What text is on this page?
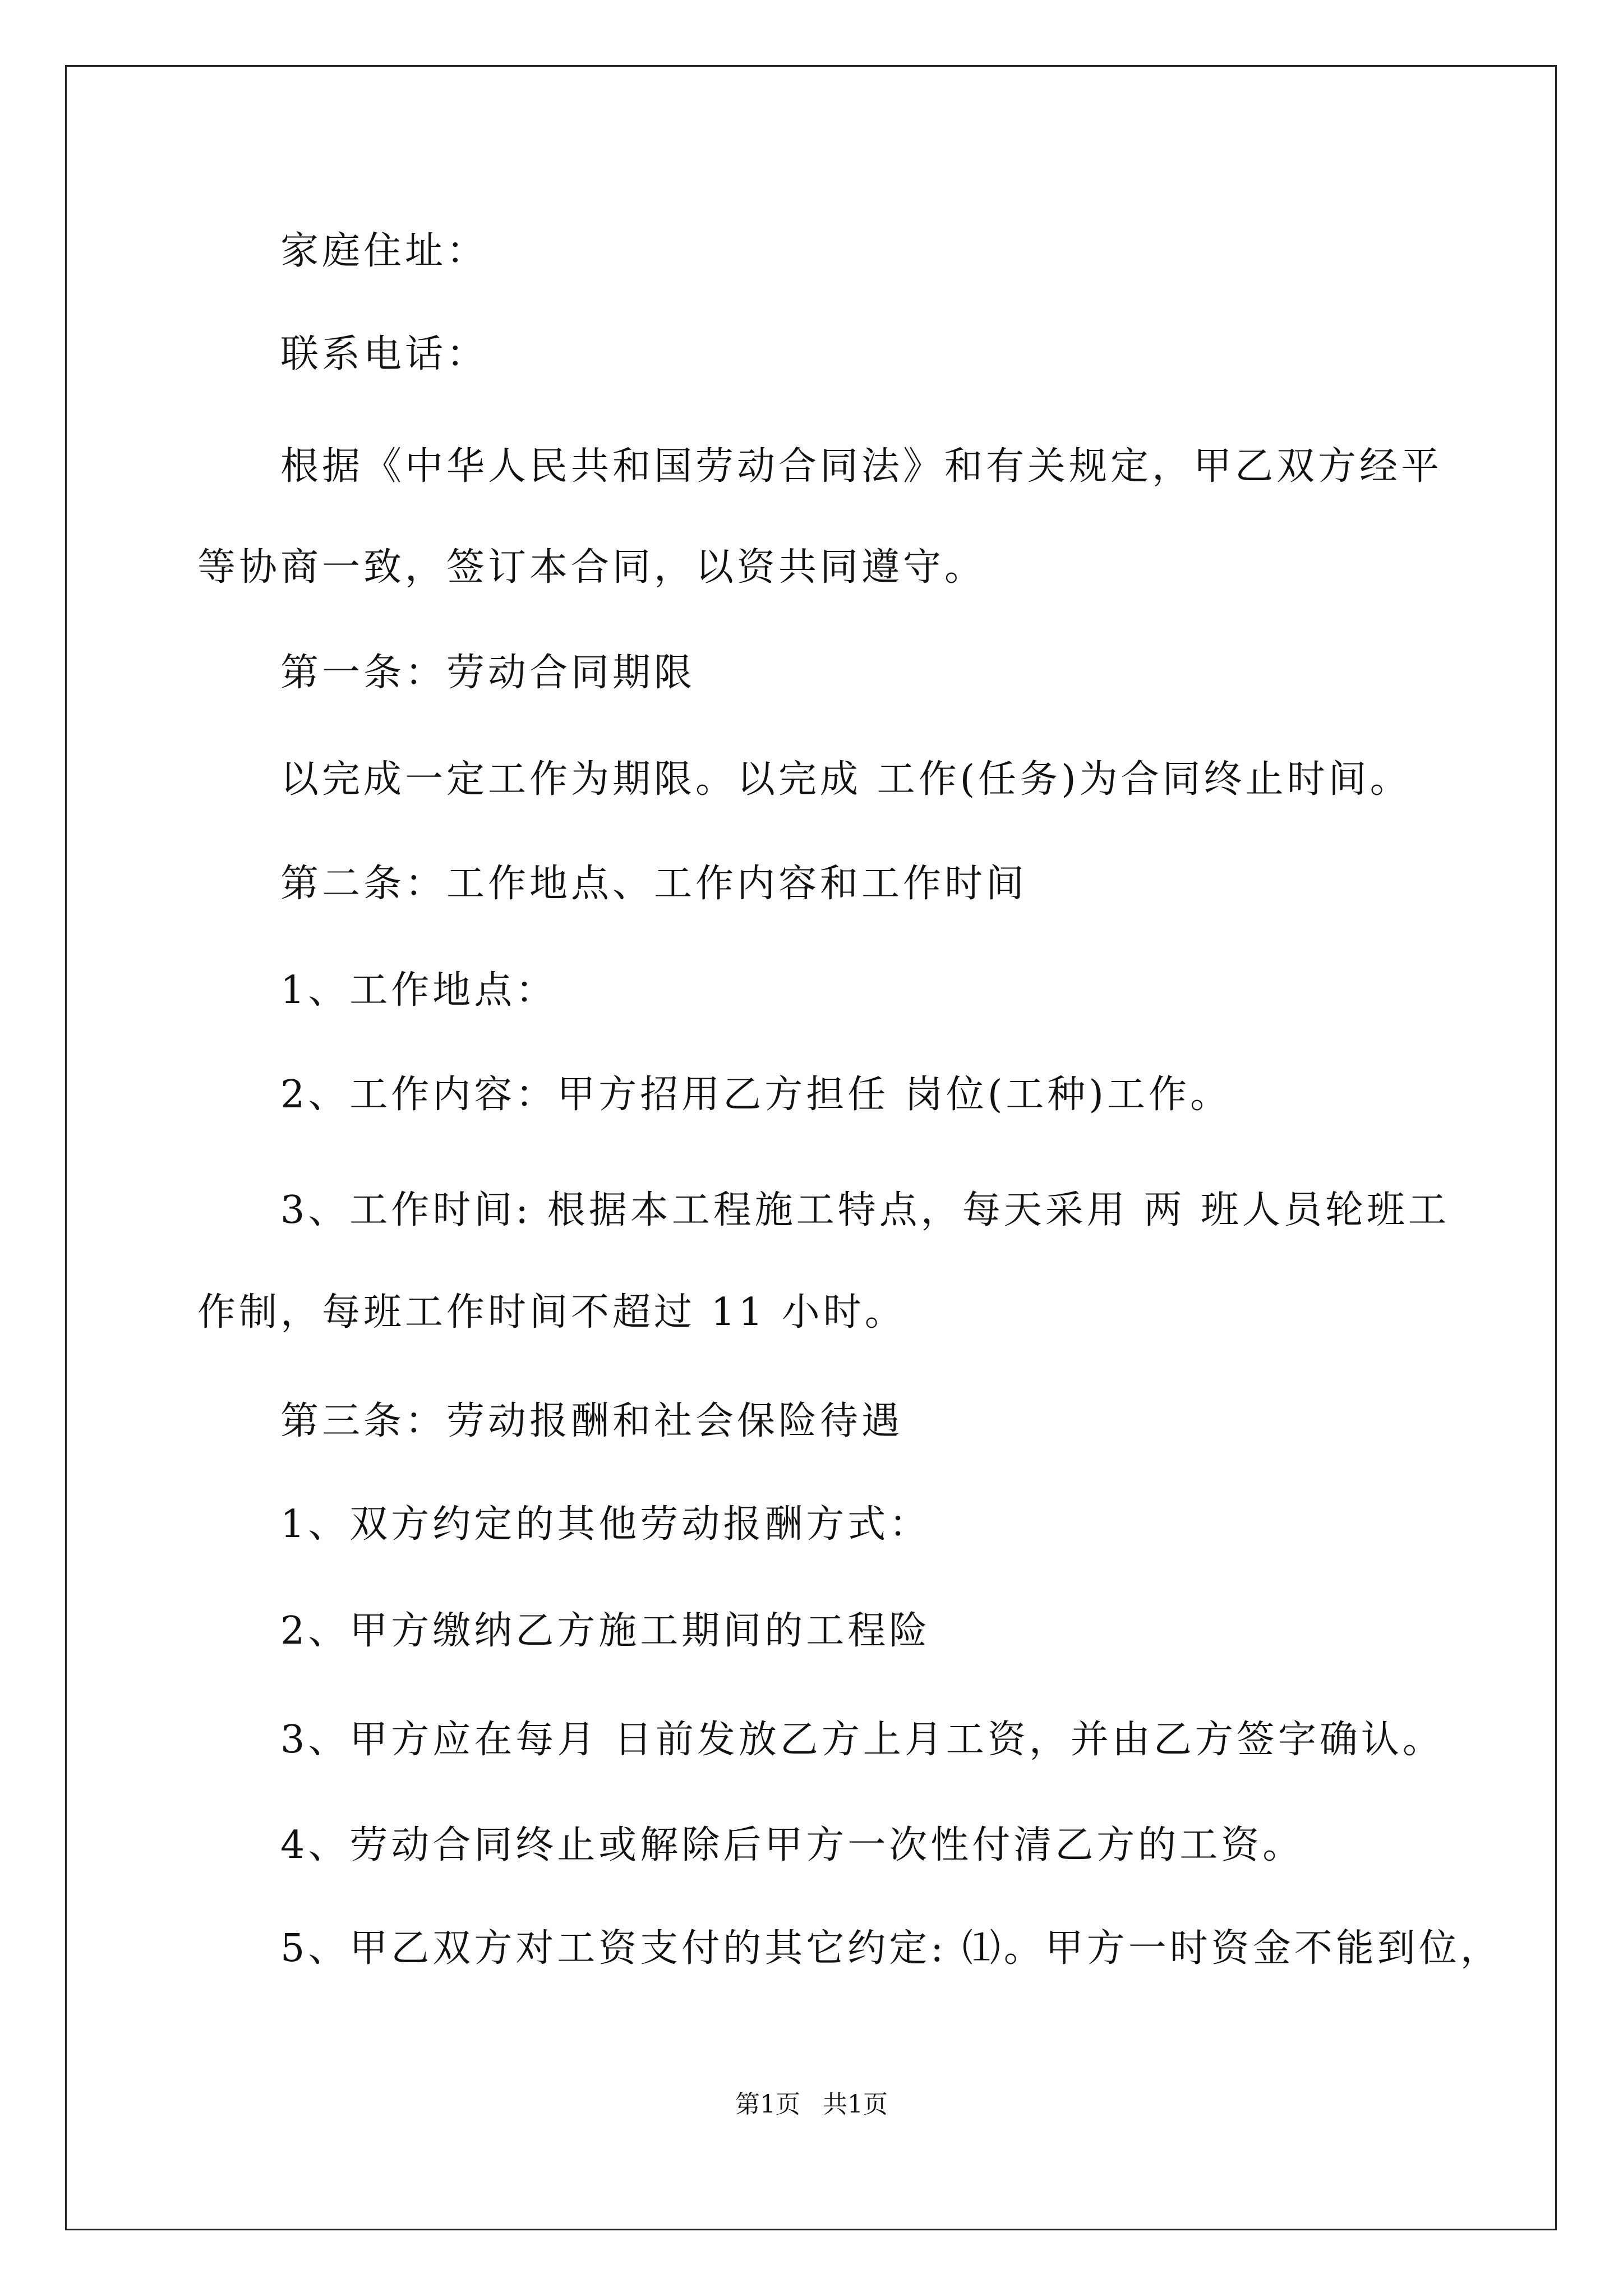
家庭住址：
联系电话：
根据《中华人民共和国劳动合同法》和有关规定，甲乙双方经平
等协商一致，签订本合同，以资共同遵守。
第一条：劳动合同期限
以完成一定工作为期限。以完成 工作(任务)为合同终止时间。
第二条：工作地点、工作内容和工作时间
1、工作地点：
2、工作内容：甲方招用乙方担任 岗位(工种)工作。
3、工作时间: 根据本工程施工特点，每天采用 两 班人员轮班工
作制，每班工作时间不超过 11 小时。
第三条：劳动报酬和社会保险待遇
1、双方约定的其他劳动报酬方式：
2、甲方缴纳乙方施工期间的工程险
3、甲方应在每月 日前发放乙方上月工资，并由乙方签字确认。
4、劳动合同终止或解除后甲方一次性付清乙方的工资。
5、甲乙双方对工资支付的其它约定: ⑴。甲方一时资金不能到位，
第1页 共1页
